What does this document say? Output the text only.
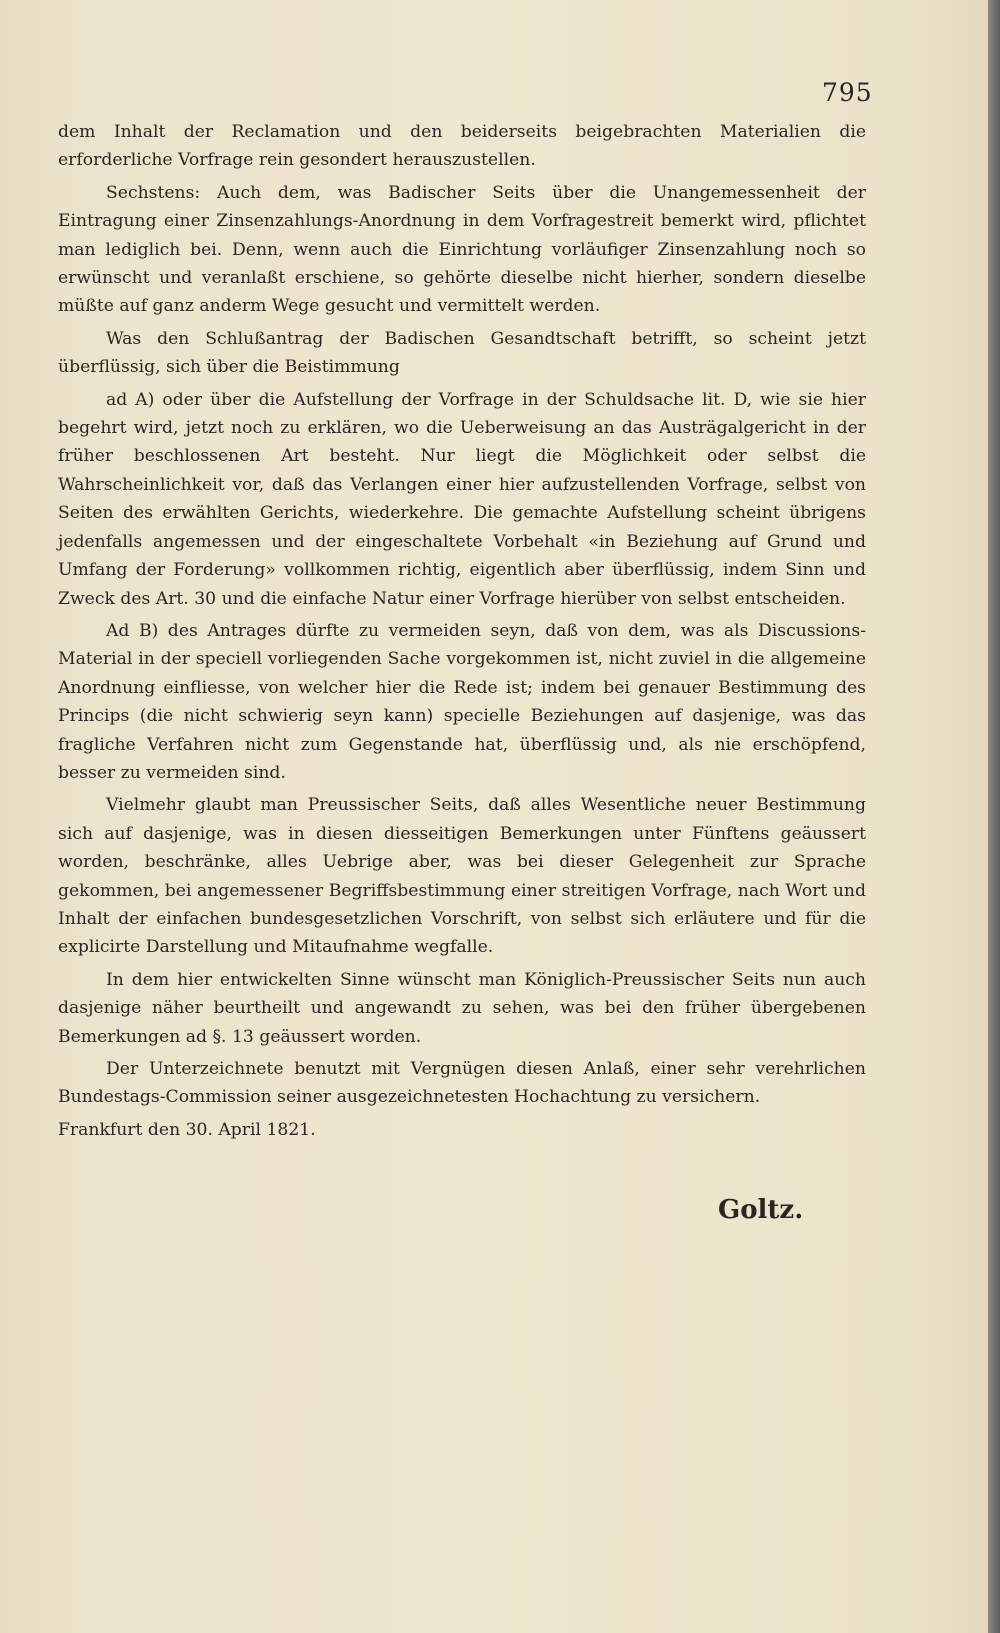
795

dem Inhalt der Reclamation und den beiderseits beigebrachten Materialien die erforderliche Vorfrage rein gesondert herauszustellen.

Sechstens: Auch dem, was Badischer Seits über die Unangemessenheit der Eintragung einer Zinsenzahlungs-Anordnung in dem Vorfragestreit bemerkt wird, pflichtet man lediglich bei. Denn, wenn auch die Einrichtung vorläufiger Zinsenzahlung noch so erwünscht und veranlaßt erschiene, so gehörte dieselbe nicht hierher, sondern dieselbe müßte auf ganz anderm Wege gesucht und vermittelt werden.

Was den Schlußantrag der Badischen Gesandtschaft betrifft, so scheint jetzt überflüssig, sich über die Beistimmung

ad A) oder über die Aufstellung der Vorfrage in der Schuldsache lit. D, wie sie hier begehrt wird, jetzt noch zu erklären, wo die Ueberweisung an das Austrägalgericht in der früher beschlossenen Art besteht. Nur liegt die Möglichkeit oder selbst die Wahrscheinlichkeit vor, daß das Verlangen einer hier aufzustellenden Vorfrage, selbst von Seiten des erwählten Gerichts, wiederkehre. Die gemachte Aufstellung scheint übrigens jedenfalls angemessen und der eingeschaltete Vorbehalt «in Beziehung auf Grund und Umfang der Forderung» vollkommen richtig, eigentlich aber überflüssig, indem Sinn und Zweck des Art. 30 und die einfache Natur einer Vorfrage hierüber von selbst entscheiden.

Ad B) des Antrages dürfte zu vermeiden seyn, daß von dem, was als Discussions-Material in der speciell vorliegenden Sache vorgekommen ist, nicht zuviel in die allgemeine Anordnung einfliesse, von welcher hier die Rede ist; indem bei genauer Bestimmung des Princips (die nicht schwierig seyn kann) specielle Beziehungen auf dasjenige, was das fragliche Verfahren nicht zum Gegenstande hat, überflüssig und, als nie erschöpfend, besser zu vermeiden sind.

Vielmehr glaubt man Preussischer Seits, daß alles Wesentliche neuer Bestimmung sich auf dasjenige, was in diesen diesseitigen Bemerkungen unter Fünftens geäussert worden, beschränke, alles Uebrige aber, was bei dieser Gelegenheit zur Sprache gekommen, bei angemessener Begriffsbestimmung einer streitigen Vorfrage, nach Wort und Inhalt der einfachen bundesgesetzlichen Vorschrift, von selbst sich erläutere und für die explicirte Darstellung und Mitaufnahme wegfalle.

In dem hier entwickelten Sinne wünscht man Königlich-Preussischer Seits nun auch dasjenige näher beurtheilt und angewandt zu sehen, was bei den früher übergebenen Bemerkungen ad §. 13 geäussert worden.

Der Unterzeichnete benutzt mit Vergnügen diesen Anlaß, einer sehr verehrlichen Bundestags-Commission seiner ausgezeichnetesten Hochachtung zu versichern.

Frankfurt den 30. April 1821.

Goltz.
